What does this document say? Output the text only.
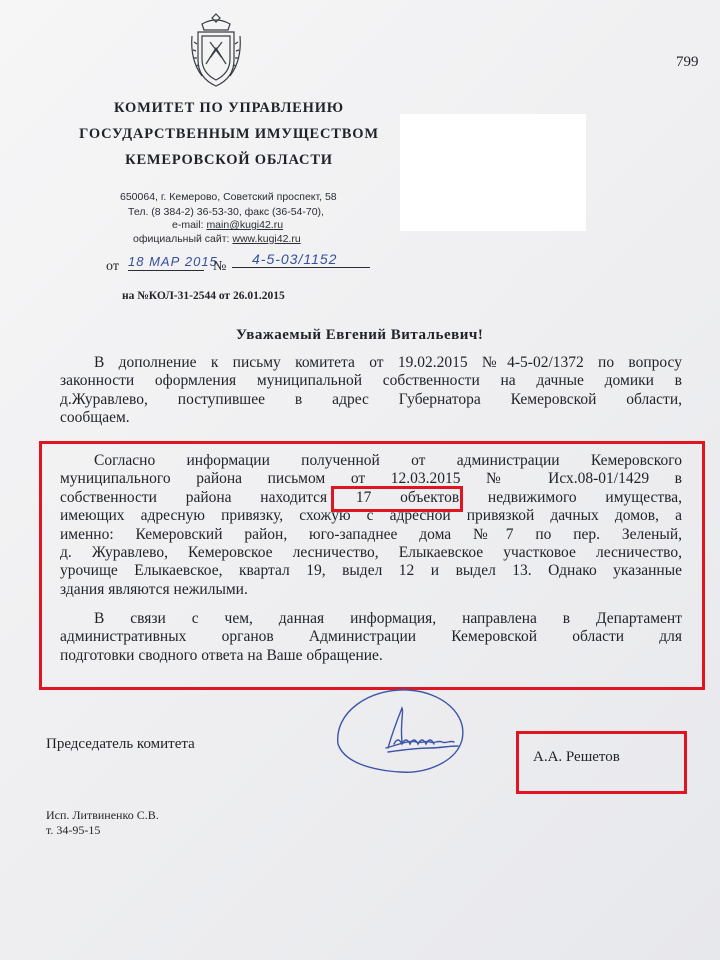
799
КОМИТЕТ ПО УПРАВЛЕНИЮ
ГОСУДАРСТВЕННЫМ ИМУЩЕСТВОМ
КЕМЕРОВСКОЙ ОБЛАСТИ
650064, г. Кемерово, Советский проспект, 58
Тел. (8 384-2) 36-53-30, факс (36-54-70),
e-mail: main@kugi42.ru
официальный сайт: www.kugi42.ru
от 18 МАР 2015
№	4-5-03/1152
на №КОЛ-31-2544 от 26.01.2015
Уважаемый Евгений Витальевич!
В дополнение к письму комитета от 19.02.2015 №4-5-02/1372 по вопросу
законности оформления муниципальной собственности на дачные домики в
д.Журавлево, поступившее в адрес Губернатора Кемеровской области,
сообщаем.
Согласно информации полученной от администрации Кемеровского
муниципального района письмом от 12.03.2015 № Исх.08-01/1429 в
собственности района находится 17 объектов недвижимого имущества,
имеющих адресную привязку, схожую с адресной привязкой дачных домов, а
именно: Кемеровский район, юго-западнее дома №7 по пер. Зеленый,
д. Журавлево, Кемеровское лесничество, Елыкаевское участковое лесничество,
урочище Елыкаевское, квартал 19, выдел 12 и выдел 13. Однако указанные
здания являются нежилыми.
В связи с чем, данная информация, направлена в Департамент
административных органов Администрации Кемеровской области для
подготовки сводного ответа на Ваше обращение.
Председатель комитета
А.А. Решетов
Исп. Литвиненко С.В.
т. 34-95-15
